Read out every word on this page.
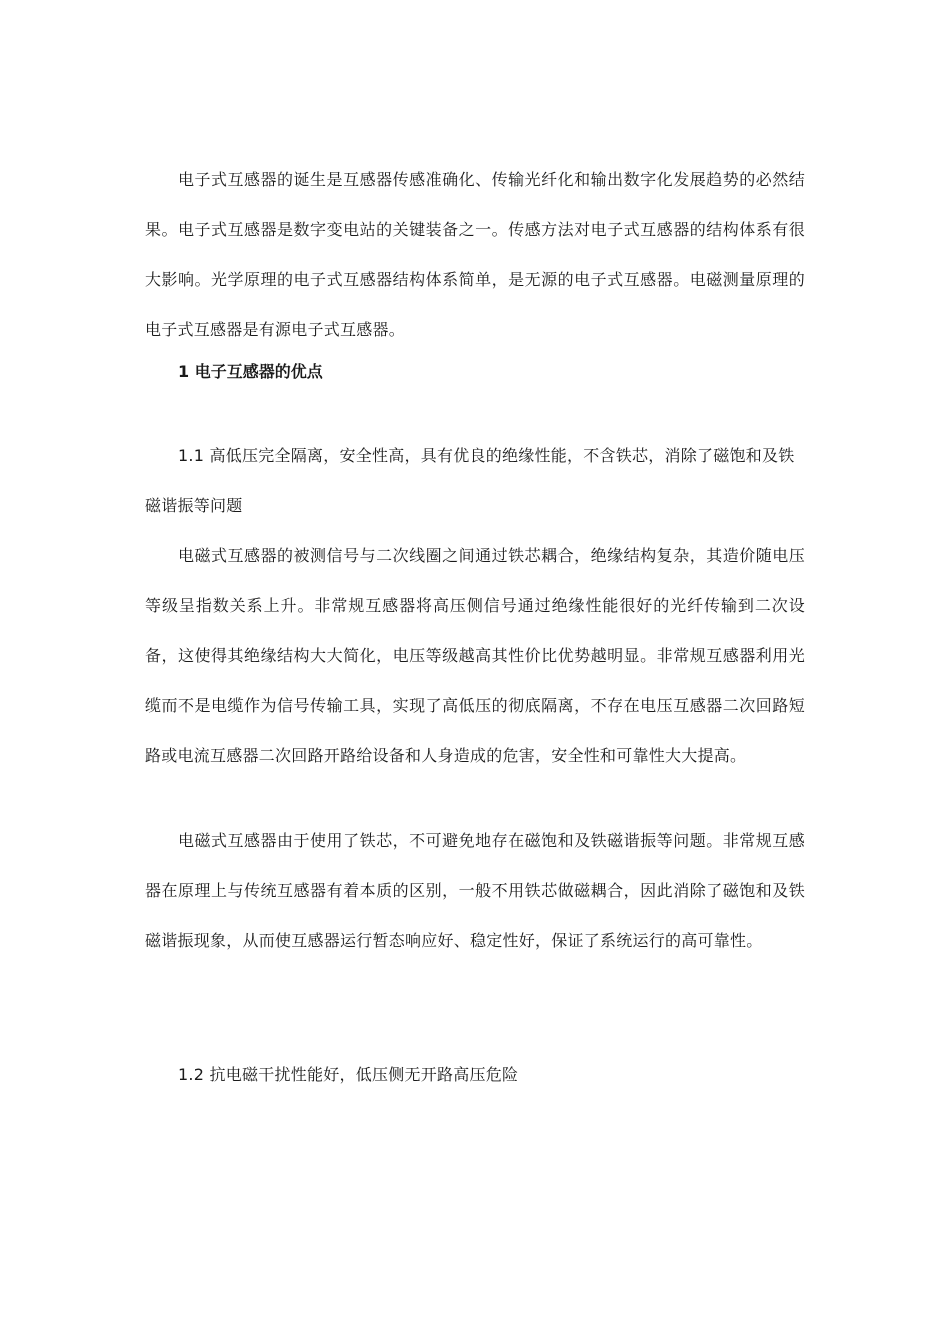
电子式互感器的诞生是互感器传感准确化、传输光纤化和输出数字化发展趋势的必然结果。电子式互感器是数字变电站的关键装备之一。传感方法对电子式互感器的结构体系有很大影响。光学原理的电子式互感器结构体系简单，是无源的电子式互感器。电磁测量原理的电子式互感器是有源电子式互感器。

1 电子互感器的优点

1.1 高低压完全隔离，安全性高，具有优良的绝缘性能，不含铁芯，消除了磁饱和及铁磁谐振等问题

电磁式互感器的被测信号与二次线圈之间通过铁芯耦合，绝缘结构复杂，其造价随电压等级呈指数关系上升。非常规互感器将高压侧信号通过绝缘性能很好的光纤传输到二次设备，这使得其绝缘结构大大简化，电压等级越高其性价比优势越明显。非常规互感器利用光缆而不是电缆作为信号传输工具，实现了高低压的彻底隔离，不存在电压互感器二次回路短路或电流互感器二次回路开路给设备和人身造成的危害，安全性和可靠性大大提高。

电磁式互感器由于使用了铁芯，不可避免地存在磁饱和及铁磁谐振等问题。非常规互感器在原理上与传统互感器有着本质的区别，一般不用铁芯做磁耦合，因此消除了磁饱和及铁磁谐振现象，从而使互感器运行暂态响应好、稳定性好，保证了系统运行的高可靠性。

1.2 抗电磁干扰性能好，低压侧无开路高压危险
